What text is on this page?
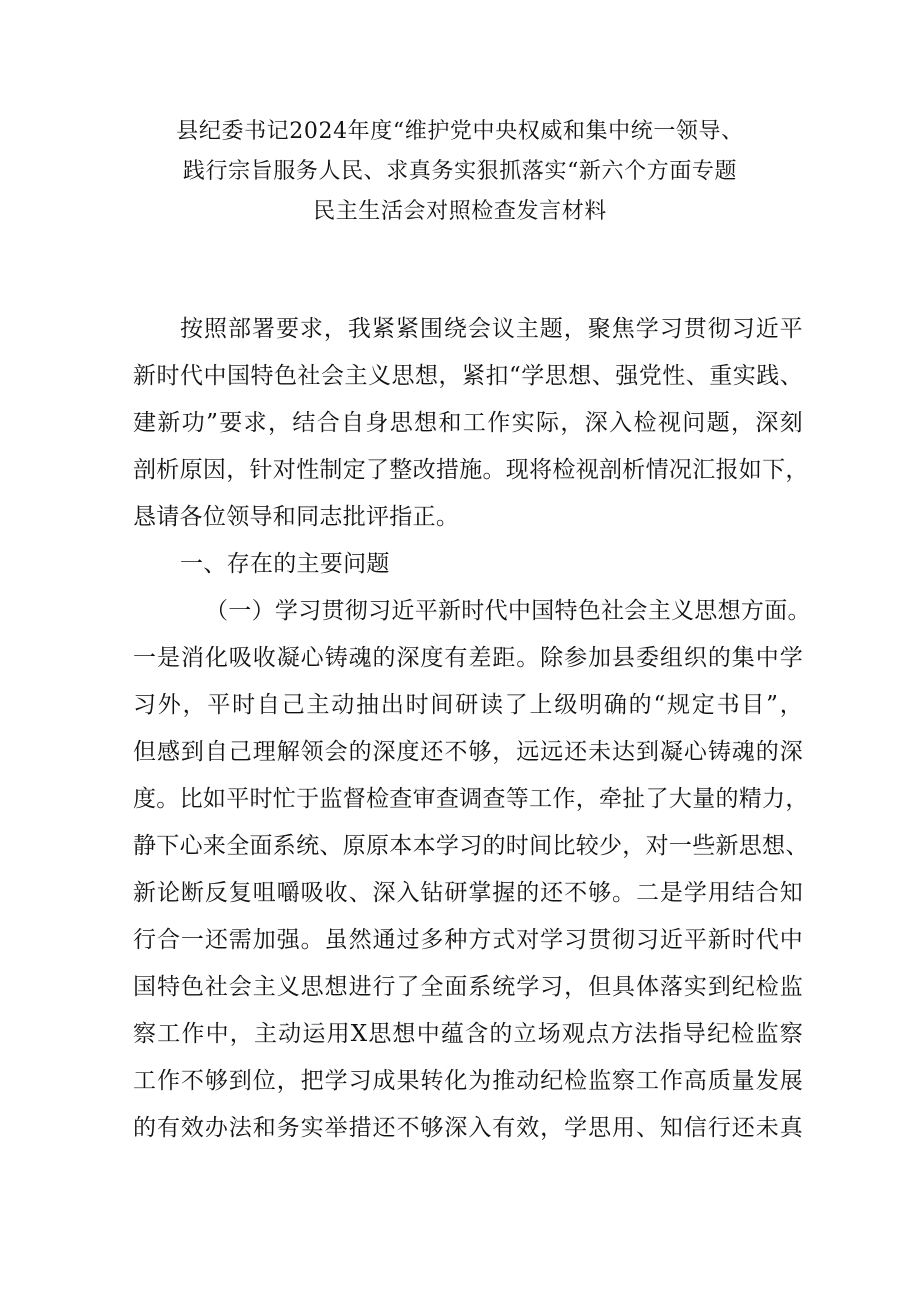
县纪委书记2024年度“维护党中央权威和集中统一领导、
践行宗旨服务人民、求真务实狠抓落实“新六个方面专题
民主生活会对照检查发言材料
按照部署要求，我紧紧围绕会议主题，聚焦学习贯彻习近平
新时代中国特色社会主义思想，紧扣“学思想、强党性、重实践、
建新功”要求，结合自身思想和工作实际，深入检视问题，深刻
剖析原因，针对性制定了整改措施。现将检视剖析情况汇报如下，
恳请各位领导和同志批评指正。
一、存在的主要问题
（一）学习贯彻习近平新时代中国特色社会主义思想方面。
一是消化吸收凝心铸魂的深度有差距。除参加县委组织的集中学
习外，平时自己主动抽出时间研读了上级明确的“规定书目”，
但感到自己理解领会的深度还不够，远远还未达到凝心铸魂的深
度。比如平时忙于监督检查审查调查等工作，牵扯了大量的精力，
静下心来全面系统、原原本本学习的时间比较少，对一些新思想、
新论断反复咀嚼吸收、深入钻研掌握的还不够。二是学用结合知
行合一还需加强。虽然通过多种方式对学习贯彻习近平新时代中
国特色社会主义思想进行了全面系统学习，但具体落实到纪检监
察工作中，主动运用X思想中蕴含的立场观点方法指导纪检监察
工作不够到位，把学习成果转化为推动纪检监察工作高质量发展
的有效办法和务实举措还不够深入有效，学思用、知信行还未真
